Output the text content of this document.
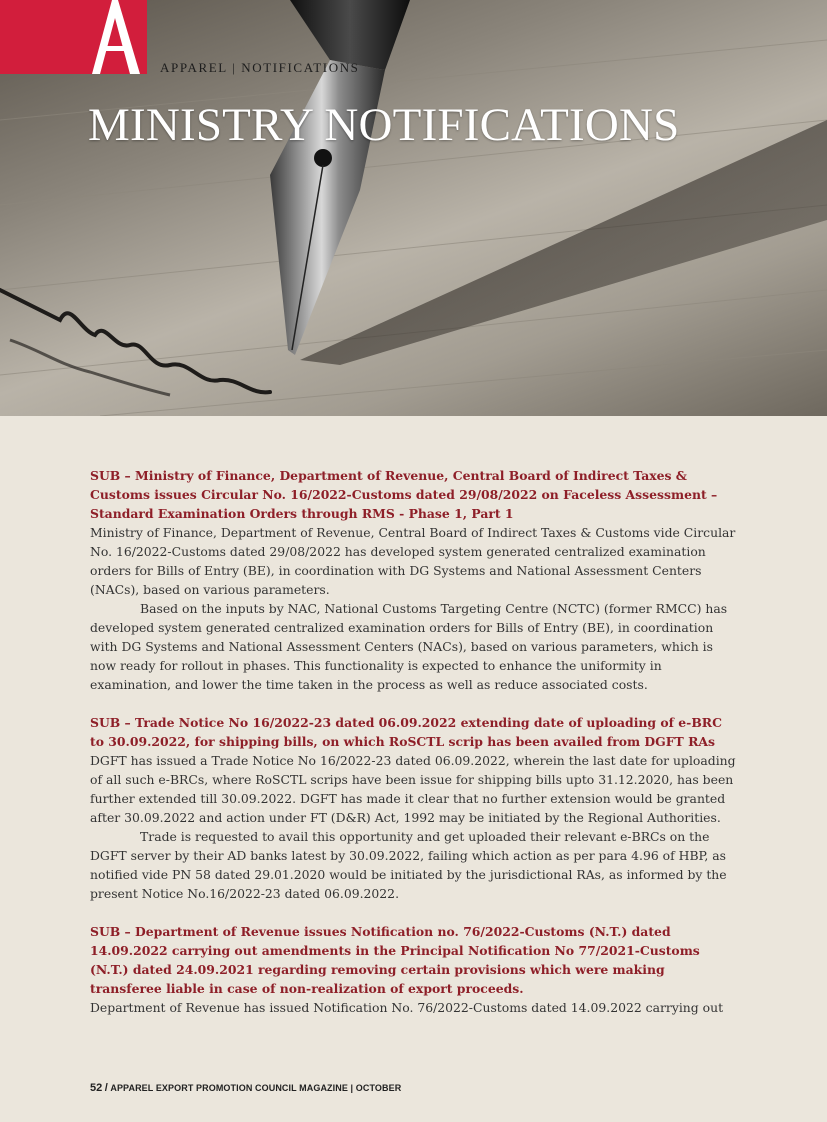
APPAREL | NOTIFICATIONS
MINISTRY NOTIFICATIONS

SUB – Ministry of Finance, Department of Revenue, Central Board of Indirect Taxes & Customs issues Circular No. 16/2022-Customs dated 29/08/2022 on Faceless Assessment – Standard Examination Orders through RMS - Phase 1, Part 1

Ministry of Finance, Department of Revenue, Central Board of Indirect Taxes & Customs vide Circular No. 16/2022-Customs dated 29/08/2022 has developed system generated centralized examination orders for Bills of Entry (BE), in coordination with DG Systems and National Assessment Centers (NACs), based on various parameters.

Based on the inputs by NAC, National Customs Targeting Centre (NCTC) (former RMCC) has developed system generated centralized examination orders for Bills of Entry (BE), in coordination with DG Systems and National Assessment Centers (NACs), based on various parameters, which is now ready for rollout in phases. This functionality is expected to enhance the uniformity in examination, and lower the time taken in the process as well as reduce associated costs.

SUB – Trade Notice No 16/2022-23 dated 06.09.2022 extending date of uploading of e-BRC to 30.09.2022, for shipping bills, on which RoSCTL scrip has been availed from DGFT RAs

DGFT has issued a Trade Notice No 16/2022-23 dated 06.09.2022, wherein the last date for uploading of all such e-BRCs, where RoSCTL scrips have been issue for shipping bills upto 31.12.2020, has been further extended till 30.09.2022. DGFT has made it clear that no further extension would be granted after 30.09.2022 and action under FT (D&R) Act, 1992 may be initiated by the Regional Authorities.

Trade is requested to avail this opportunity and get uploaded their relevant e-BRCs on the DGFT server by their AD banks latest by 30.09.2022, failing which action as per para 4.96 of HBP, as notified vide PN 58 dated 29.01.2020 would be initiated by the jurisdictional RAs, as informed by the present Notice No.16/2022-23 dated 06.09.2022.

SUB – Department of Revenue issues Notification no. 76/2022-Customs (N.T.) dated 14.09.2022 carrying out amendments in the Principal Notification No 77/2021-Customs (N.T.) dated 24.09.2021 regarding removing certain provisions which were making transferee liable in case of non-realization of export proceeds.

Department of Revenue has issued Notification No. 76/2022-Customs dated 14.09.2022 carrying out

52 / APPAREL EXPORT PROMOTION COUNCIL MAGAZINE | OCTOBER
